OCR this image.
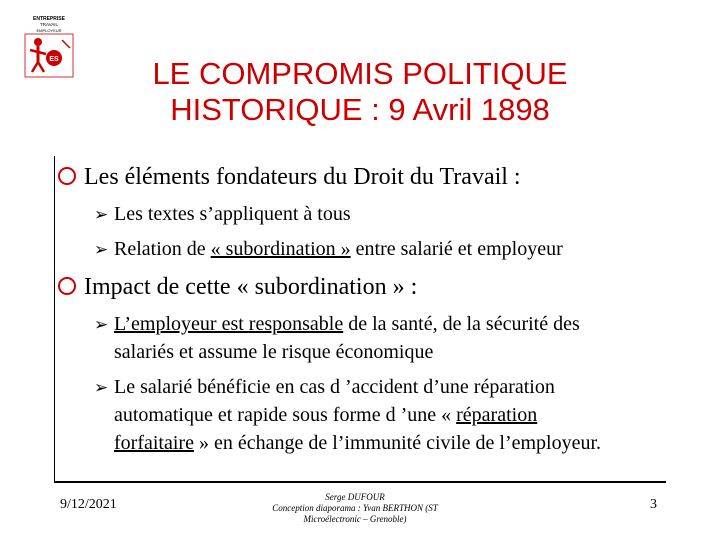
ENTREPRISE
TRAVAIL
EMPLOYEUR
ES	LE COMPROMIS POLITIQUE
HISTORIQUE : 9 Avril 1898
Les éléments fondateurs du Droit du Travail :
➢ Les textes s’appliquent à tous
➢ Relation de « subordination » entre salarié et employeur
Impact de cette « subordination » :
➢ L’employeur est responsable de la santé, de la sécurité des
salariés et assume le risque économique
➢ Le salarié bénéficie en cas d ’accident d’une réparation
automatique et rapide sous forme d ’une « réparation
forfaitaire » en échange de l’immunité civile de l’employeur.
9/12/2021	Serge DUFOUR
Conception diaporama : Yvan BERTHON (ST
Microélectronic – Grenoble)
3
